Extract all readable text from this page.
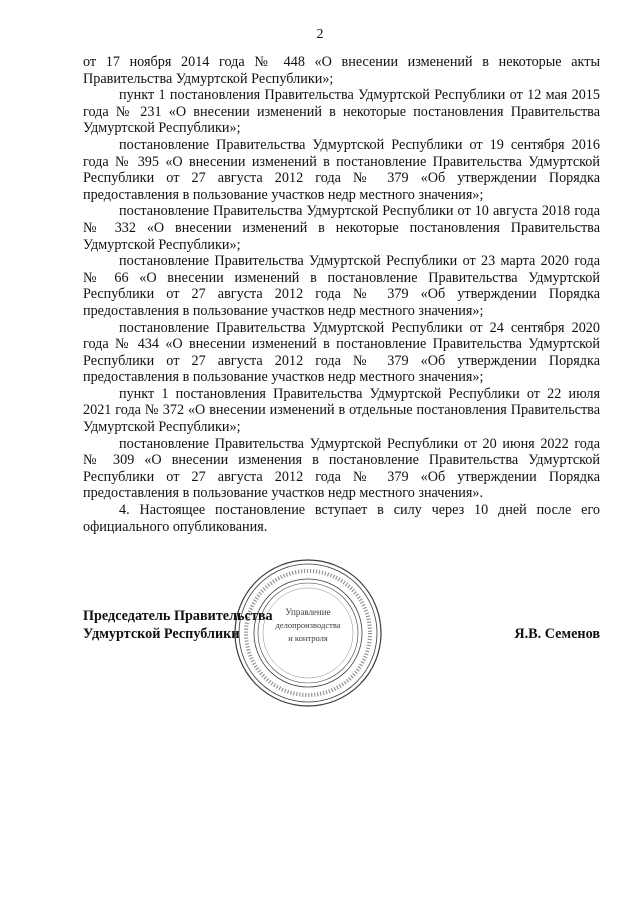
2

от 17 ноября 2014 года № 448 «О внесении изменений в некоторые акты Правительства Удмуртской Республики»;

пункт 1 постановления Правительства Удмуртской Республики от 12 мая 2015 года № 231 «О внесении изменений в некоторые постановления Правительства Удмуртской Республики»;

постановление Правительства Удмуртской Республики от 19 сентября 2016 года № 395 «О внесении изменений в постановление Правительства Удмуртской Республики от 27 августа 2012 года № 379 «Об утверждении Порядка предоставления в пользование участков недр местного значения»;

постановление Правительства Удмуртской Республики от 10 августа 2018 года № 332 «О внесении изменений в некоторые постановления Правительства Удмуртской Республики»;

постановление Правительства Удмуртской Республики от 23 марта 2020 года № 66 «О внесении изменений в постановление Правительства Удмуртской Республики от 27 августа 2012 года № 379 «Об утверждении Порядка предоставления в пользование участков недр местного значения»;

постановление Правительства Удмуртской Республики от 24 сентября 2020 года № 434 «О внесении изменений в постановление Правительства Удмуртской Республики от 27 августа 2012 года № 379 «Об утверждении Порядка предоставления в пользование участков недр местного значения»;

пункт 1 постановления Правительства Удмуртской Республики от 22 июля 2021 года № 372 «О внесении изменений в отдельные постановления Правительства Удмуртской Республики»;

постановление Правительства Удмуртской Республики от 20 июня 2022 года № 309 «О внесении изменения в постановление Правительства Удмуртской Республики от 27 августа 2012 года № 379 «Об утверждении Порядка предоставления в пользование участков недр местного значения».

4. Настоящее постановление вступает в силу через 10 дней после его официального опубликования.

Управление
делопроизводства
и контроля
Председатель Правительства
Удмуртской Республики	Я.В. Семенов
